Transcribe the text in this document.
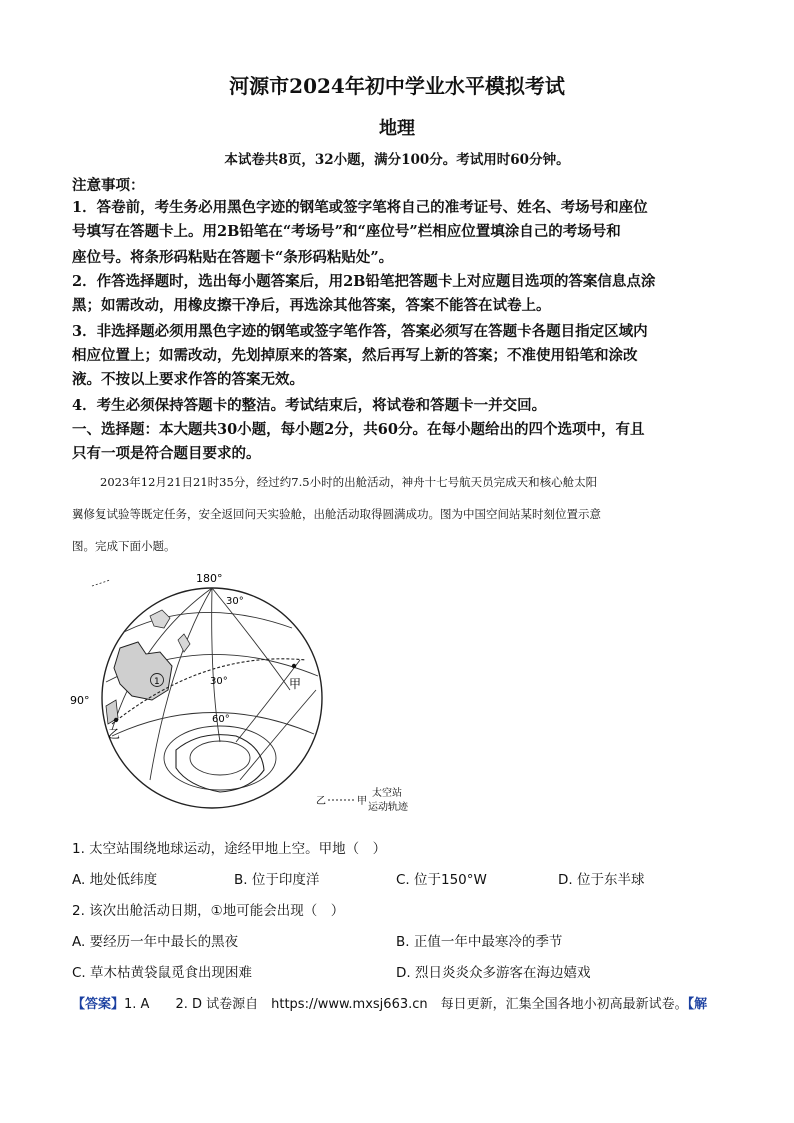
河源市2024年初中学业水平模拟考试
地理
本试卷共8页，32小题，满分100分。考试用时60分钟。
注意事项：
1．答卷前，考生务必用黑色字迹的钢笔或签字笔将自己的准考证号、姓名、考场号和座位
号填写在答题卡上。用2B铅笔在“考场号”和“座位号”栏相应位置填涂自己的考场号和
座位号。将条形码粘贴在答题卡“条形码粘贴处”。
2．作答选择题时，选出每小题答案后，用2B铅笔把答题卡上对应题目选项的答案信息点涂
黑；如需改动，用橡皮擦干净后，再选涂其他答案，答案不能答在试卷上。
3．非选择题必须用黑色字迹的钢笔或签字笔作答，答案必须写在答题卡各题目指定区域内
相应位置上；如需改动，先划掉原来的答案，然后再写上新的答案；不准使用铅笔和涂改
液。不按以上要求作答的答案无效。
4．考生必须保持答题卡的整洁。考试结束后，将试卷和答题卡一并交回。
一、选择题：本大题共30小题，每小题2分，共60分。在每小题给出的四个选项中，有且
只有一项是符合题目要求的。
2023年12月21日21时35分，经过约7.5小时的出舱活动，神舟十七号航天员完成天和核心舱太阳
翼修复试验等既定任务，安全返回问天实验舱，出舱活动取得圆满成功。图为中国空间站某时刻位置示意
图。完成下面小题。
180°
90°
30°
30°
60°
1	甲
乙
乙	甲
太空站
运动轨迹
1. 太空站围绕地球运动，途经甲地上空。甲地（　）
A. 地处低纬度	B. 位于印度洋	C. 位于150°W	D. 位于东半球
2. 该次出舱活动日期，①地可能会出现（　）
A. 要经历一年中最长的黑夜	B. 正值一年中最寒冷的季节
C. 草木枯黄袋鼠觅食出现困难	D. 烈日炎炎众多游客在海边嬉戏
【答案】1. A　　2. D 试卷源自　https://www.mxsj663.cn　每日更新，汇集全国各地小初高最新试卷。【解
